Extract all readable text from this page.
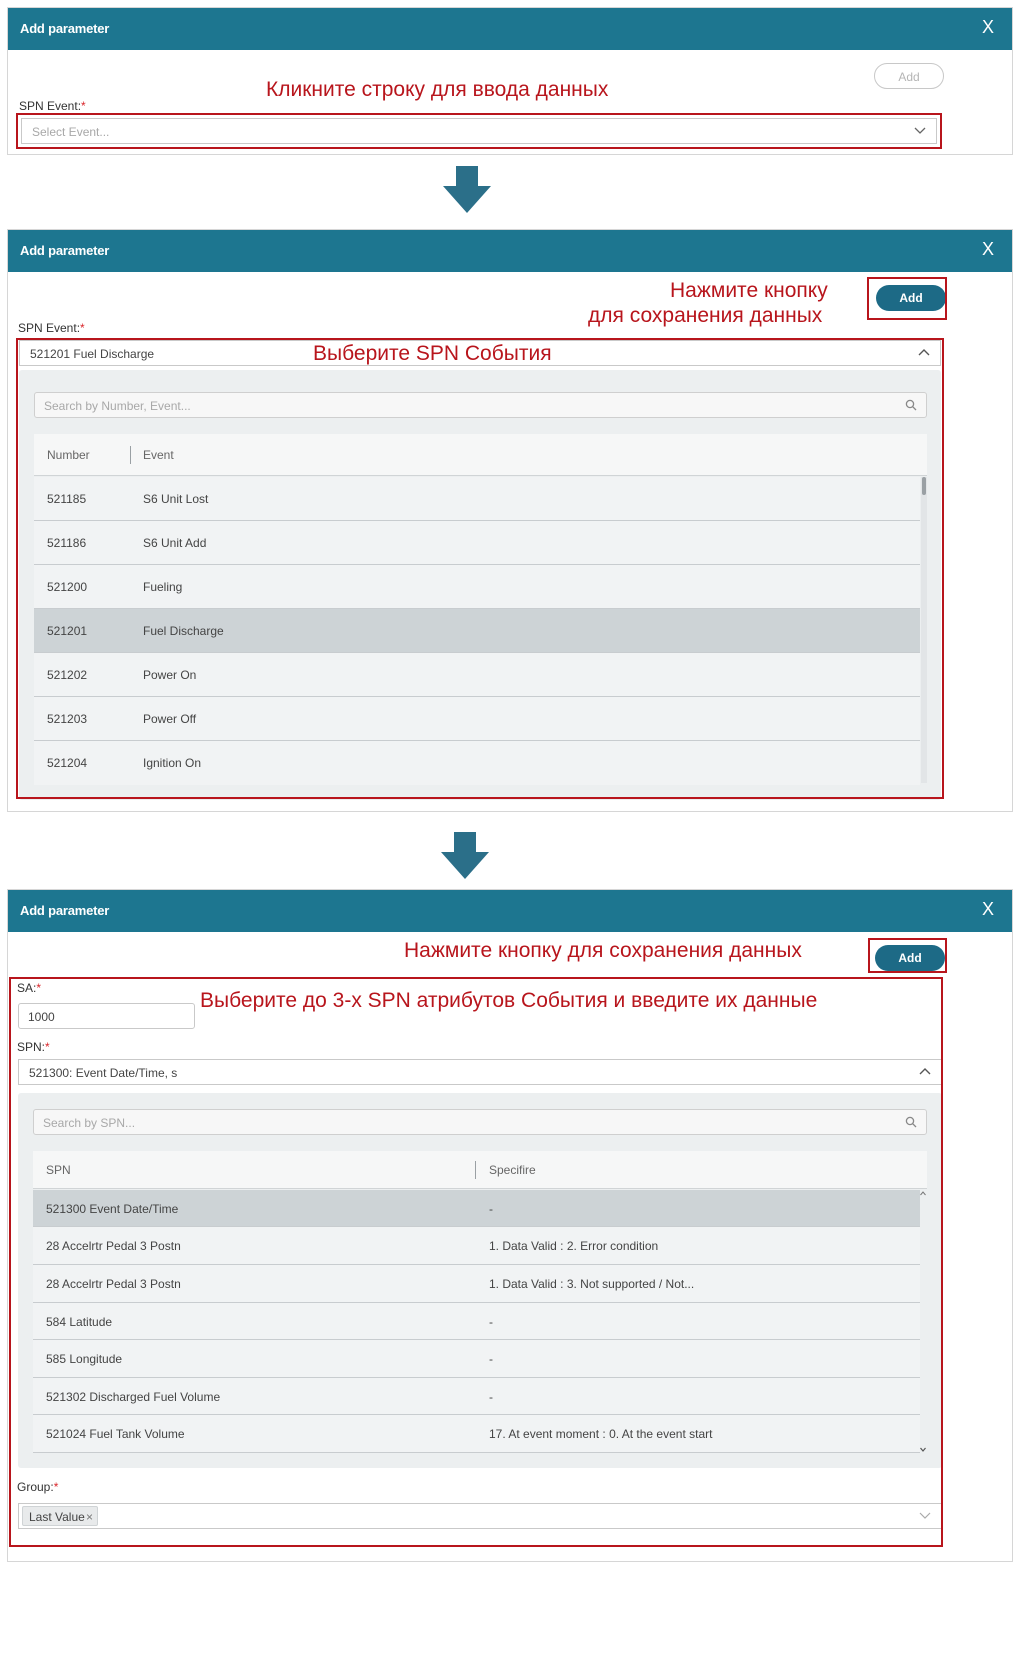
Add parameter	X
Add
SPN Event:*
Select Event...
Кликните строку для ввода данных
Add parameter	X
Add
SPN Event:*
521201 Fuel Discharge
Search by Number, Event...
Number	Event
521185	S6 Unit Lost
521186	S6 Unit Add
521200	Fueling
521201	Fuel Discharge
521202	Power On
521203	Power Off
521204	Ignition On
Нажмите кнопку
для сохранения данных
Выберите SPN События
Add parameter	X
Add
SA:*
1000
SPN:*
521300: Event Date/Time, s
Search by SPN...
SPN	Specifire
521300 Event Date/Time	-
28 Accelrtr Pedal 3 Postn	1. Data Valid : 2. Error condition
28 Accelrtr Pedal 3 Postn	1. Data Valid : 3. Not supported / Not...
584 Latitude	-
585 Longitude	-
521302 Discharged Fuel Volume	-
521024 Fuel Tank Volume	17. At event moment : 0. At the event start
Group:*
Last Value ×
Нажмите кнопку для сохранения данных
Выберите до 3-х SPN атрибутов События и введите их данные
